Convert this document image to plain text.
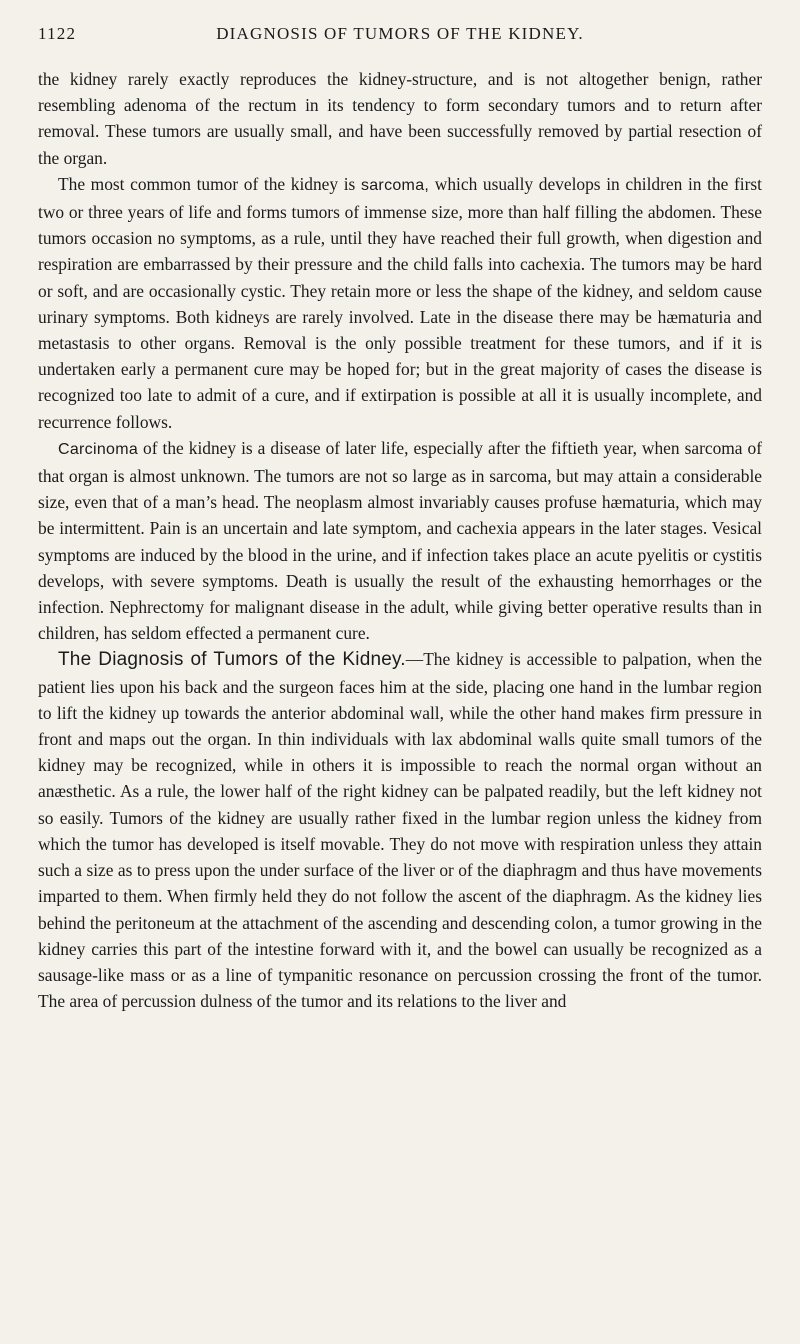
1122	DIAGNOSIS OF TUMORS OF THE KIDNEY.

the kidney rarely exactly reproduces the kidney-structure, and is not altogether benign, rather resembling adenoma of the rectum in its tendency to form secondary tumors and to return after removal. These tumors are usually small, and have been successfully removed by partial resection of the organ.

The most common tumor of the kidney is sarcoma, which usually develops in children in the first two or three years of life and forms tumors of immense size, more than half filling the abdomen. These tumors occasion no symptoms, as a rule, until they have reached their full growth, when digestion and respiration are embarrassed by their pressure and the child falls into cachexia. The tumors may be hard or soft, and are occasionally cystic. They retain more or less the shape of the kidney, and seldom cause urinary symptoms. Both kidneys are rarely involved. Late in the disease there may be hæmaturia and metastasis to other organs. Removal is the only possible treatment for these tumors, and if it is undertaken early a permanent cure may be hoped for; but in the great majority of cases the disease is recognized too late to admit of a cure, and if extirpation is possible at all it is usually incomplete, and recurrence follows.

Carcinoma of the kidney is a disease of later life, especially after the fiftieth year, when sarcoma of that organ is almost unknown. The tumors are not so large as in sarcoma, but may attain a considerable size, even that of a man’s head. The neoplasm almost invariably causes profuse hæmaturia, which may be intermittent. Pain is an uncertain and late symptom, and cachexia appears in the later stages. Vesical symptoms are induced by the blood in the urine, and if infection takes place an acute pyelitis or cystitis develops, with severe symptoms. Death is usually the result of the exhausting hemorrhages or the infection. Nephrectomy for malignant disease in the adult, while giving better operative results than in children, has seldom effected a permanent cure.

The Diagnosis of Tumors of the Kidney.—The kidney is accessible to palpation, when the patient lies upon his back and the surgeon faces him at the side, placing one hand in the lumbar region to lift the kidney up towards the anterior abdominal wall, while the other hand makes firm pressure in front and maps out the organ. In thin individuals with lax abdominal walls quite small tumors of the kidney may be recognized, while in others it is impossible to reach the normal organ without an anæsthetic. As a rule, the lower half of the right kidney can be palpated readily, but the left kidney not so easily. Tumors of the kidney are usually rather fixed in the lumbar region unless the kidney from which the tumor has developed is itself movable. They do not move with respiration unless they attain such a size as to press upon the under surface of the liver or of the diaphragm and thus have movements imparted to them. When firmly held they do not follow the ascent of the diaphragm. As the kidney lies behind the peritoneum at the attachment of the ascending and descending colon, a tumor growing in the kidney carries this part of the intestine forward with it, and the bowel can usually be recognized as a sausage-like mass or as a line of tympanitic resonance on percussion crossing the front of the tumor. The area of percussion dulness of the tumor and its relations to the liver and
